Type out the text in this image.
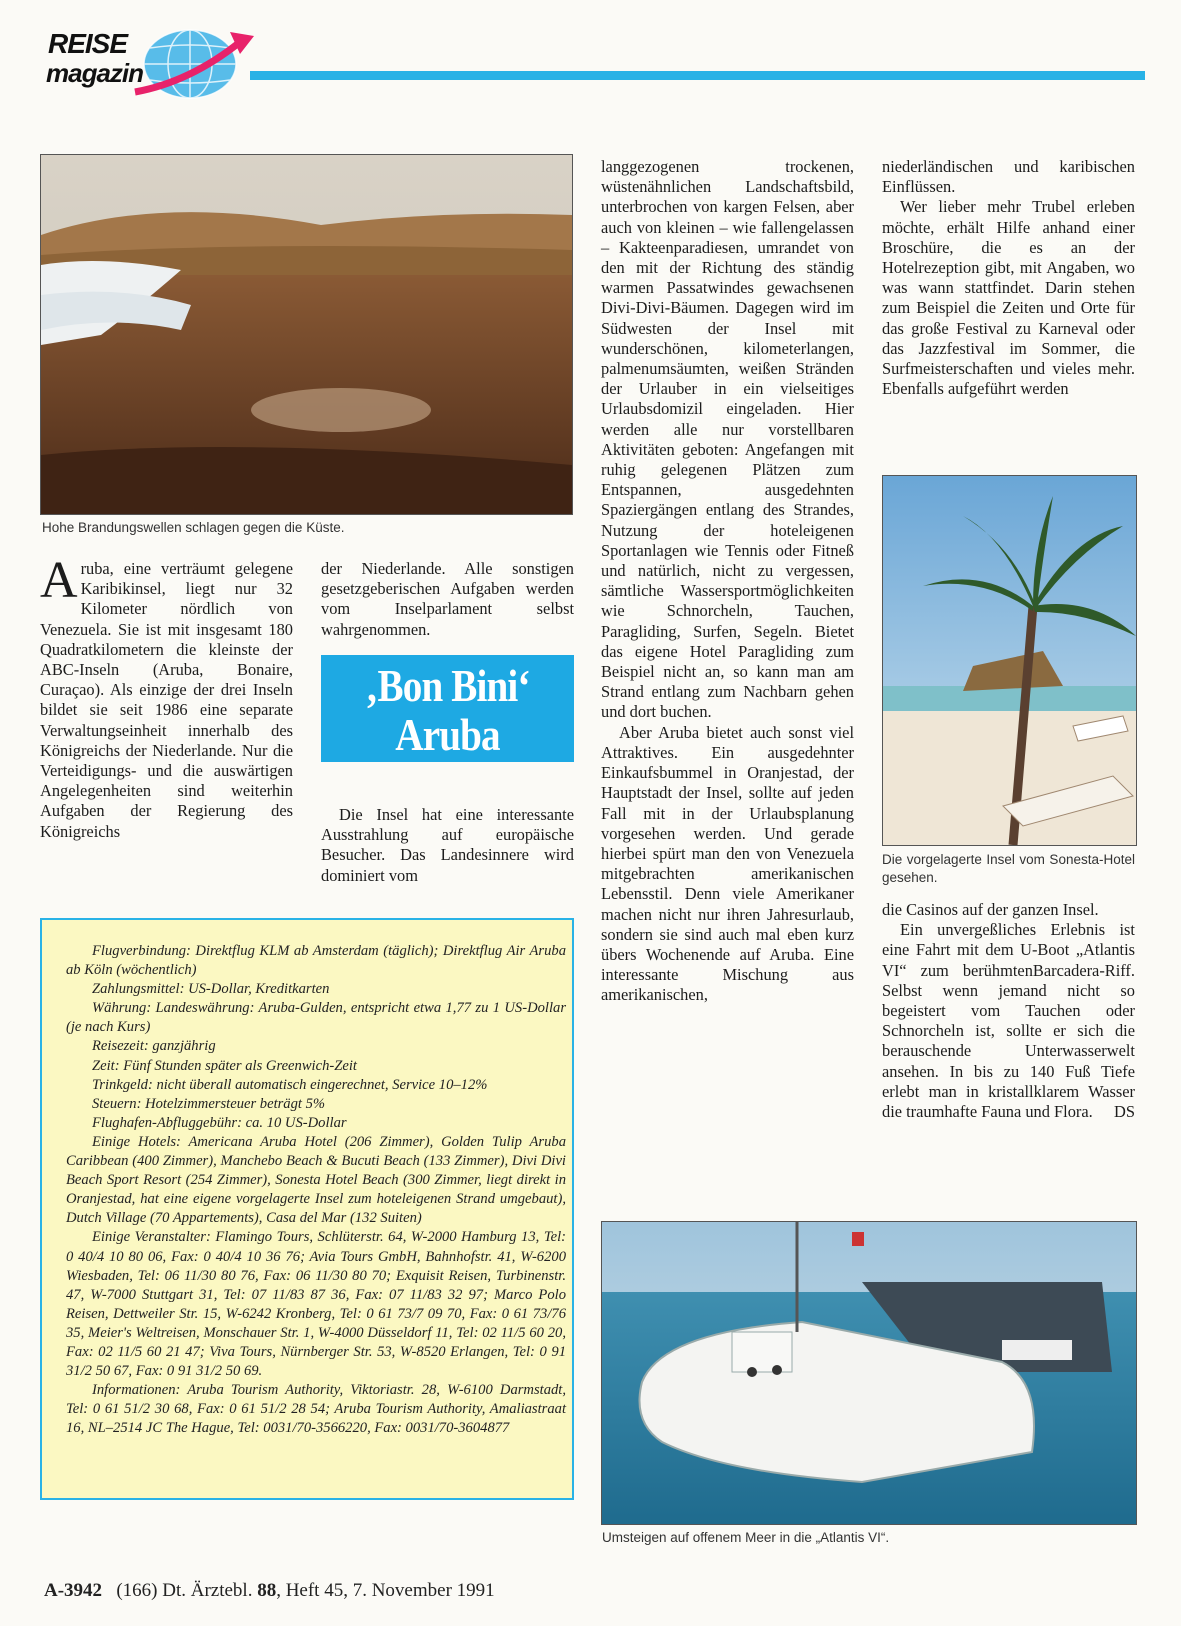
REISE
magazin
Hohe Brandungswellen schlagen gegen die Küste.

Aruba, eine verträumt gelegene Karibikinsel, liegt nur 32 Kilometer nördlich von Venezuela. Sie ist mit insgesamt 180 Quadratkilometern die kleinste der ABC-Inseln (Aruba, Bonaire, Curaçao). Als einzige der drei Inseln bildet sie seit 1986 eine separate Verwaltungseinheit innerhalb des Königreichs der Niederlande. Nur die Verteidigungs- und die auswärtigen Angelegenheiten sind weiterhin Aufgaben der Regierung des Königreichs

der Niederlande. Alle sonstigen gesetzgeberischen Aufgaben werden vom Inselparlament selbst wahrgenommen.

‚Bon Bini‘
Aruba

Die Insel hat eine interessante Ausstrahlung auf europäische Besucher. Das Landesinnere wird dominiert vom

langgezogenen trockenen, wüstenähnlichen Landschaftsbild, unterbrochen von kargen Felsen, aber auch von kleinen – wie fallengelassen – Kakteenparadiesen, umrandet von den mit der Richtung des ständig warmen Passatwindes gewachsenen Divi-Divi-Bäumen. Dagegen wird im Südwesten der Insel mit wunderschönen, kilometerlangen, palmenumsäumten, weißen Stränden der Urlauber in ein vielseitiges Urlaubsdomizil eingeladen. Hier werden alle nur vorstellbaren Aktivitäten geboten: Angefangen mit ruhig gelegenen Plätzen zum Entspannen, ausgedehnten Spaziergängen entlang des Strandes, Nutzung der hoteleigenen Sportanlagen wie Tennis oder Fitneß und natürlich, nicht zu vergessen, sämtliche Wassersportmöglichkeiten wie Schnorcheln, Tauchen, Paragliding, Surfen, Segeln. Bietet das eigene Hotel Paragliding zum Beispiel nicht an, so kann man am Strand entlang zum Nachbarn gehen und dort buchen.

Aber Aruba bietet auch sonst viel Attraktives. Ein ausgedehnter Einkaufsbummel in Oranjestad, der Hauptstadt der Insel, sollte auf jeden Fall mit in der Urlaubsplanung vorgesehen werden. Und gerade hierbei spürt man den von Venezuela mitgebrachten amerikanischen Lebensstil. Denn viele Amerikaner machen nicht nur ihren Jahresurlaub, sondern sie sind auch mal eben kurz übers Wochenende auf Aruba. Eine interessante Mischung aus amerikanischen,

niederländischen und karibischen Einflüssen.

Wer lieber mehr Trubel erleben möchte, erhält Hilfe anhand einer Broschüre, die es an der Hotelrezeption gibt, mit Angaben, wo was wann stattfindet. Darin stehen zum Beispiel die Zeiten und Orte für das große Festival zu Karneval oder das Jazzfestival im Sommer, die Surfmeisterschaften und vieles mehr. Ebenfalls aufgeführt werden

Die vorgelagerte Insel vom Sonesta-Hotel gesehen.

die Casinos auf der ganzen Insel.

Ein unvergeßliches Erlebnis ist eine Fahrt mit dem U-Boot „Atlantis VI“ zum berühmtenBarcadera-Riff. Selbst wenn jemand nicht so begeistert vom Tauchen oder Schnorcheln ist, sollte er sich die berauschende Unterwasserwelt ansehen. In bis zu 140 Fuß Tiefe erlebt man in kristallklarem Wasser die traumhafte Fauna und Flora.	DS

Umsteigen auf offenem Meer in die „Atlantis VI“.

Flugverbindung: Direktflug KLM ab Amsterdam (täglich); Direktflug Air Aruba ab Köln (wöchentlich)

Zahlungsmittel: US-Dollar, Kreditkarten

Währung: Landeswährung: Aruba-Gulden, entspricht etwa 1,77 zu 1 US-Dollar (je nach Kurs)

Reisezeit: ganzjährig

Zeit: Fünf Stunden später als Greenwich-Zeit

Trinkgeld: nicht überall automatisch eingerechnet, Service 10–12%

Steuern: Hotelzimmersteuer beträgt 5%

Flughafen-Abfluggebühr: ca. 10 US-Dollar

Einige Hotels: Americana Aruba Hotel (206 Zimmer), Golden Tulip Aruba Caribbean (400 Zimmer), Manchebo Beach & Bucuti Beach (133 Zimmer), Divi Divi Beach Sport Resort (254 Zimmer), Sonesta Hotel Beach (300 Zimmer, liegt direkt in Oranjestad, hat eine eigene vorgelagerte Insel zum hoteleigenen Strand umgebaut), Dutch Village (70 Appartements), Casa del Mar (132 Suiten)

Einige Veranstalter: Flamingo Tours, Schlüterstr. 64, W-2000 Hamburg 13, Tel: 0 40/4 10 80 06, Fax: 0 40/4 10 36 76; Avia Tours GmbH, Bahnhofstr. 41, W-6200 Wiesbaden, Tel: 06 11/30 80 76, Fax: 06 11/30 80 70; Exquisit Reisen, Turbinenstr. 47, W-7000 Stuttgart 31, Tel: 07 11/83 87 36, Fax: 07 11/83 32 97; Marco Polo Reisen, Dettweiler Str. 15, W-6242 Kronberg, Tel: 0 61 73/7 09 70, Fax: 0 61 73/76 35, Meier's Weltreisen, Monschauer Str. 1, W-4000 Düsseldorf 11, Tel: 02 11/5 60 20, Fax: 02 11/5 60 21 47; Viva Tours, Nürnberger Str. 53, W-8520 Erlangen, Tel: 0 91 31/2 50 67, Fax: 0 91 31/2 50 69.

Informationen: Aruba Tourism Authority, Viktoriastr. 28, W-6100 Darmstadt, Tel: 0 61 51/2 30 68, Fax: 0 61 51/2 28 54; Aruba Tourism Authority, Amaliastraat 16, NL–2514 JC The Hague, Tel: 0031/70-3566220, Fax: 0031/70-3604877

A-3942 (166) Dt. Ärztebl. 88, Heft 45, 7. November 1991
